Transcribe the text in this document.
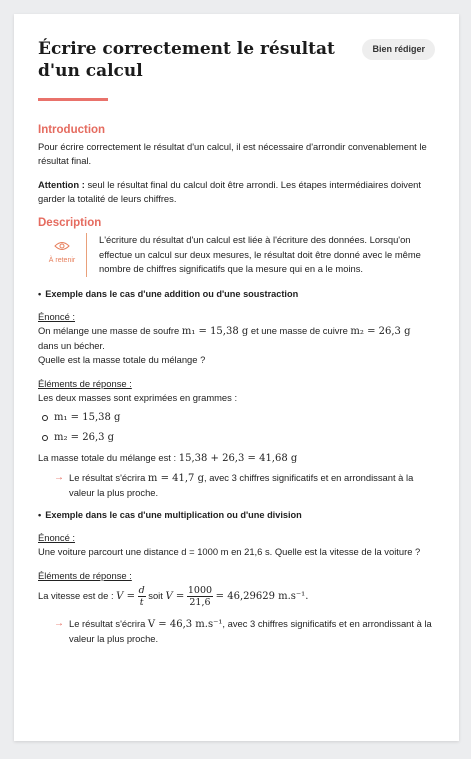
Écrire correctement le résultat d'un calcul
Bien rédiger
Introduction

Pour écrire correctement le résultat d'un calcul, il est nécessaire d'arrondir convenablement le résultat final.

Attention : seul le résultat final du calcul doit être arrondi. Les étapes intermédiaires doivent garder la totalité de leurs chiffres.

Description
À retenir
L'écriture du résultat d'un calcul est liée à l'écriture des données. Lorsqu'on effectue un calcul sur deux mesures, le résultat doit être donné avec le même nombre de chiffres significatifs que la mesure qui en a le moins.
• Exemple dans le cas d'une addition ou d'une soustraction

Énoncé :

On mélange une masse de soufre m₁ = 15,38 g et une masse de cuivre m₂ = 26,3 g

dans un bécher.

Quelle est la masse totale du mélange ?

Éléments de réponse :

Les deux masses sont exprimées en grammes :

m₁ = 15,38 g
m₂ = 26,3 g

La masse totale du mélange est : 15,38 + 26,3 = 41,68 g

→ Le résultat s'écrira m = 41,7 g, avec 3 chiffres significatifs et en arrondissant à la valeur la plus proche.
• Exemple dans le cas d'une multiplication ou d'une division

Énoncé :

Une voiture parcourt une distance d = 1000 m en 21,6 s. Quelle est la vitesse de la voiture ?

Éléments de réponse :

La vitesse est de : $V = \frac{d}{t}$ soit $V = \frac{1000}{21,6} = 46,29629$ m.s⁻¹.

→ Le résultat s'écrira V = 46,3 m.s⁻¹, avec 3 chiffres significatifs et en arrondissant à la valeur la plus proche.
